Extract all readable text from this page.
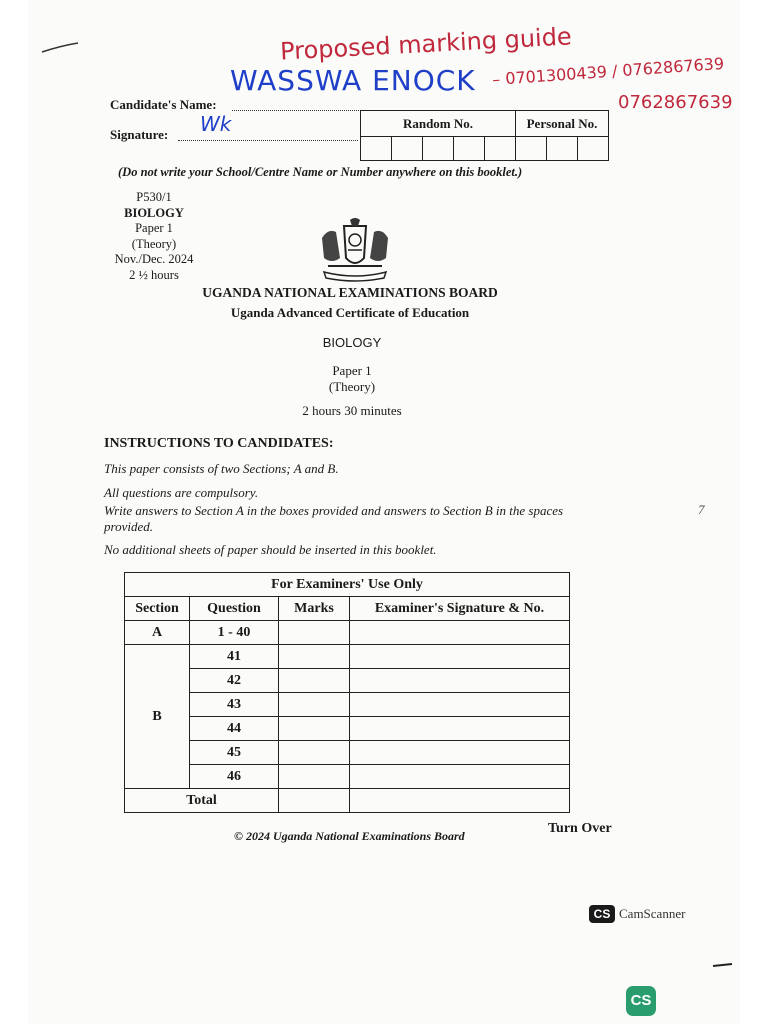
Proposed marking guide
WASSWA ENOCK – 0701300439 / 0762867639
0762867639
Wk
Candidate's Name:
Signature:
Random No.					Personal No.		

(Do not write your School/Centre Name or Number anywhere on this booklet.)
P530/1
BIOLOGY
Paper 1
(Theory)
Nov./Dec. 2024
2 ½ hours
UGANDA NATIONAL EXAMINATIONS BOARD
Uganda Advanced Certificate of Education
BIOLOGY
Paper 1
(Theory)
2 hours 30 minutes
INSTRUCTIONS TO CANDIDATES:
This paper consists of two Sections; A and B.
All questions are compulsory.
Write answers to Section A in the boxes provided and answers to Section B in the spaces provided.
No additional sheets of paper should be inserted in this booklet.
7
For Examiners' Use Only			
Section	Question	Marks	Examiner's Signature & No.
A	1 - 40		
B	41		
	42		
	43		
	44		
	45		
	46		
Total			
© 2024 Uganda National Examinations Board	Turn Over
CS CamScanner
CS
